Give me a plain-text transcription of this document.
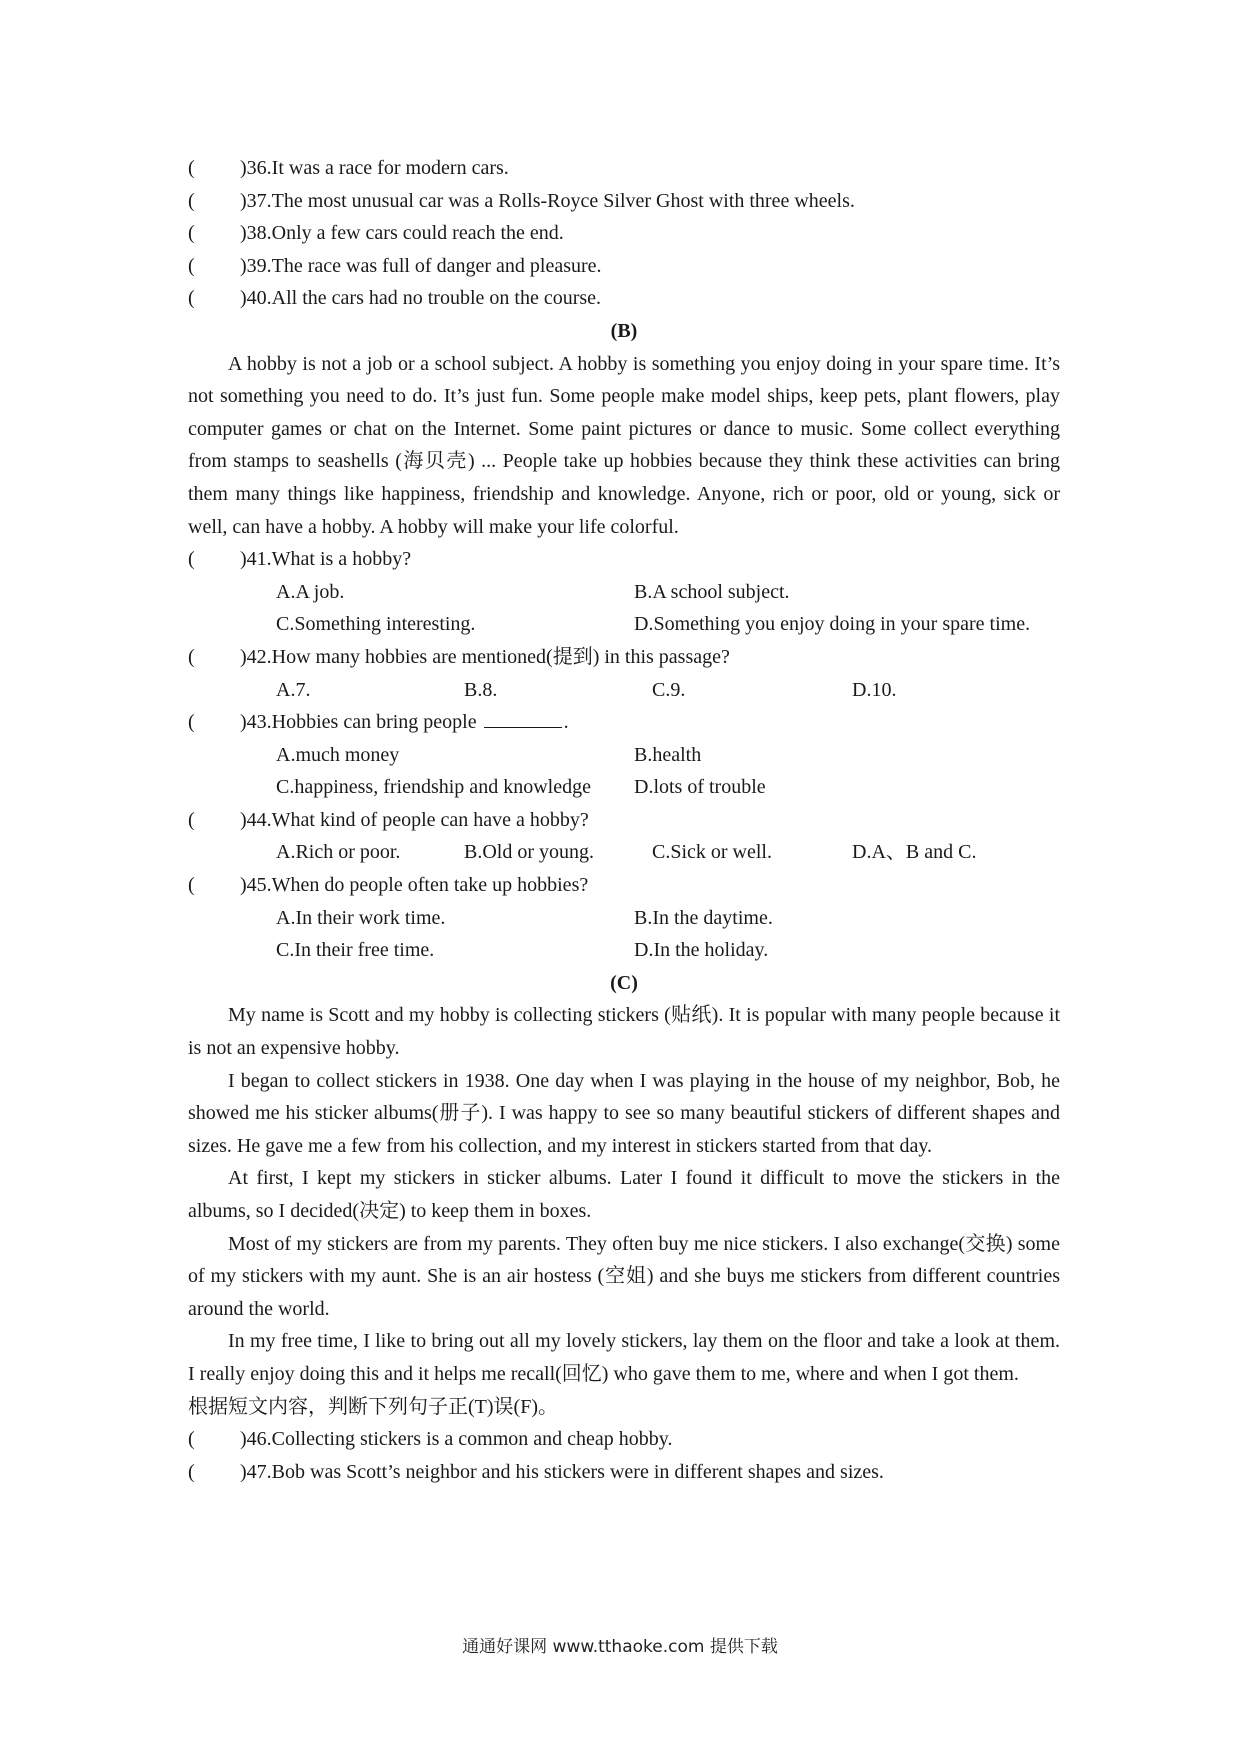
(	)36.It was a race for modern cars.
(	)37.The most unusual car was a Rolls-Royce Silver Ghost with three wheels.
(	)38.Only a few cars could reach the end.
(	)39.The race was full of danger and pleasure.
(	)40.All the cars had no trouble on the course.
(B)
A hobby is not a job or a school subject. A hobby is something you enjoy doing in your spare time. It’s not something you need to do. It’s just fun. Some people make model ships, keep pets, plant flowers, play computer games or chat on the Internet. Some paint pictures or dance to music. Some collect everything from stamps to seashells (海贝壳) ... People take up hobbies because they think these activities can bring them many things like happiness, friendship and knowledge. Anyone, rich or poor, old or young, sick or well, can have a hobby. A hobby will make your life colorful.
(	)41.What is a hobby?
A.A job.	B.A school subject.
C.Something interesting.	D.Something you enjoy doing in your spare time.
(	)42.How many hobbies are mentioned(提到) in this passage?
A.7.	B.8.	C.9.	D.10.
(	)43.Hobbies can bring people	.
A.much money	B.health
C.happiness, friendship and knowledge	D.lots of trouble
(	)44.What kind of people can have a hobby?
A.Rich or poor.	B.Old or young.	C.Sick or well.	D.A、B and C.
(	)45.When do people often take up hobbies?
A.In their work time.	B.In the daytime.
C.In their free time.	D.In the holiday.
(C)
My name is Scott and my hobby is collecting stickers (贴纸). It is popular with many people because it is not an expensive hobby.
I began to collect stickers in 1938. One day when I was playing in the house of my neighbor, Bob, he showed me his sticker albums(册子). I was happy to see so many beautiful stickers of different shapes and sizes. He gave me a few from his collection, and my interest in stickers started from that day.
At first, I kept my stickers in sticker albums. Later I found it difficult to move the stickers in the albums, so I decided(决定) to keep them in boxes.
Most of my stickers are from my parents. They often buy me nice stickers. I also exchange(交换) some of my stickers with my aunt. She is an air hostess (空姐) and she buys me stickers from different countries around the world.
In my free time, I like to bring out all my lovely stickers, lay them on the floor and take a look at them. I really enjoy doing this and it helps me recall(回忆) who gave them to me, where and when I got them.
根据短文内容，判断下列句子正(T)误(F)。
(	)46.Collecting stickers is a common and cheap hobby.
(	)47.Bob was Scott’s neighbor and his stickers were in different shapes and sizes.
通通好课网 www.tthaoke.com 提供下载
